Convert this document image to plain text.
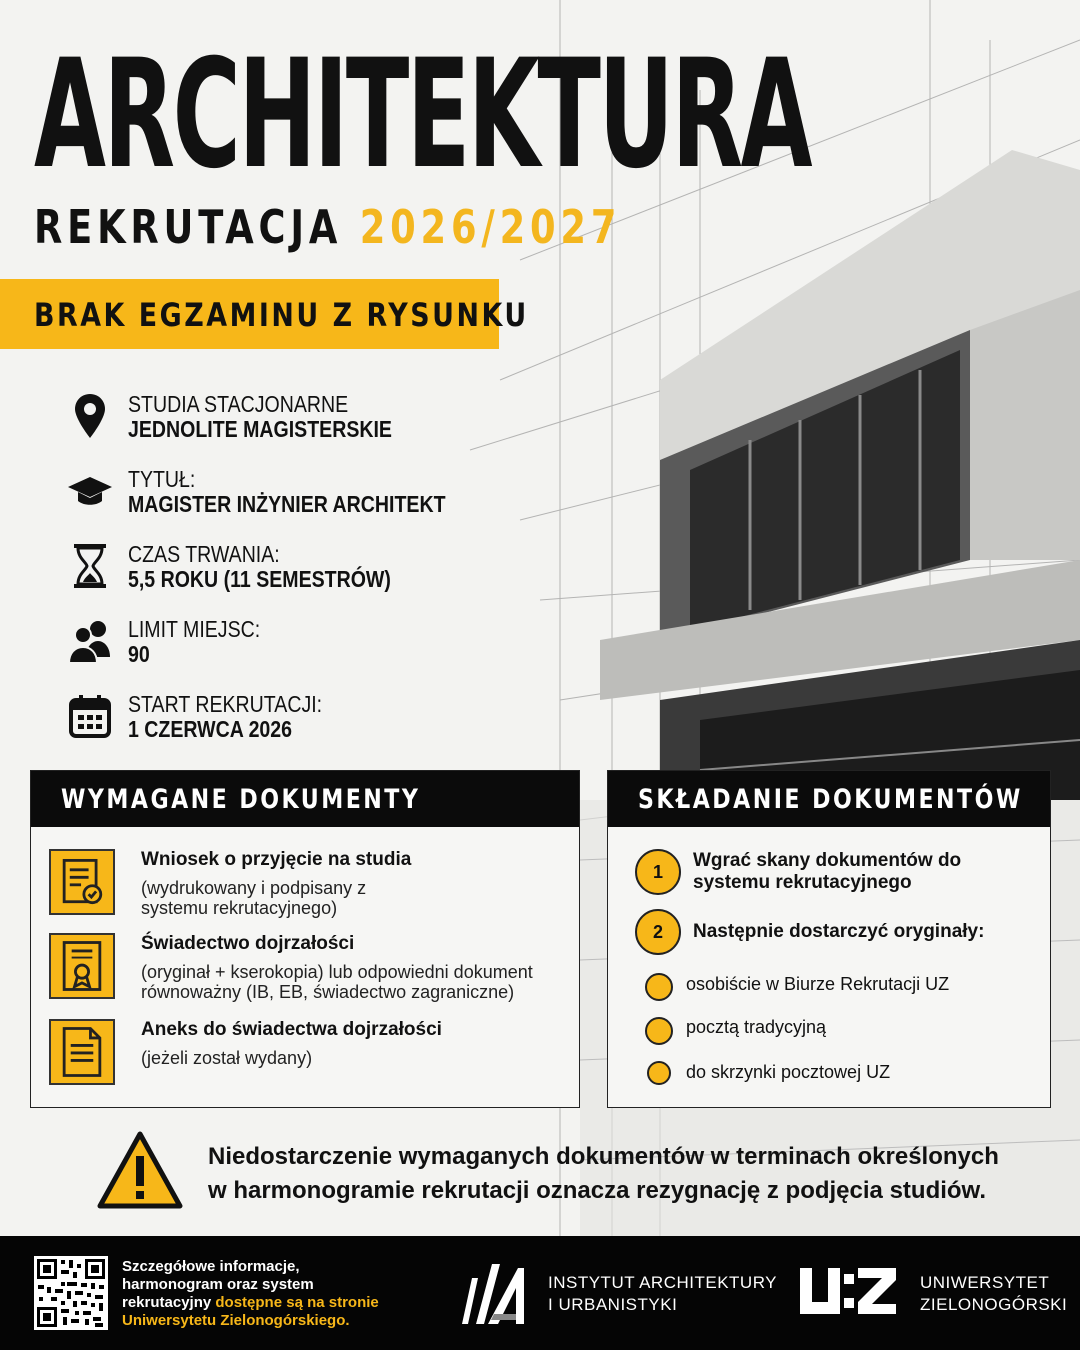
ARCHITEKTURA
REKRUTACJA 2026/2027
BRAK EGZAMINU Z RYSUNKU
STUDIA STACJONARNE
JEDNOLITE MAGISTERSKIE
TYTUŁ:
MAGISTER INŻYNIER ARCHITEKT
CZAS TRWANIA:
5,5 ROKU (11 SEMESTRÓW)
LIMIT MIEJSC:
90
START REKRUTACJI:
1 CZERWCA 2026
WYMAGANE DOKUMENTY
Wniosek o przyjęcie na studia
(wydrukowany i podpisany z
systemu rekrutacyjnego)
Świadectwo dojrzałości
(oryginał + kserokopia) lub odpowiedni dokument
równoważny (IB, EB, świadectwo zagraniczne)
Aneks do świadectwa dojrzałości
(jeżeli został wydany)
SKŁADANIE DOKUMENTÓW
1
Wgrać skany dokumentów do
systemu rekrutacyjnego
2	Następnie dostarczyć oryginały:
osobiście w Biurze Rekrutacji UZ
pocztą tradycyjną
do skrzynki pocztowej UZ
Niedostarczenie wymaganych dokumentów w terminach określonych
w harmonogramie rekrutacji oznacza rezygnację z podjęcia studiów.
Szczegółowe informacje,
harmonogram oraz system
rekrutacyjny dostępne są na stronie
Uniwersytetu Zielonogórskiego.
INSTYTUT ARCHITEKTURY
I URBANISTYKI
UNIWERSYTET
ZIELONOGÓRSKI
